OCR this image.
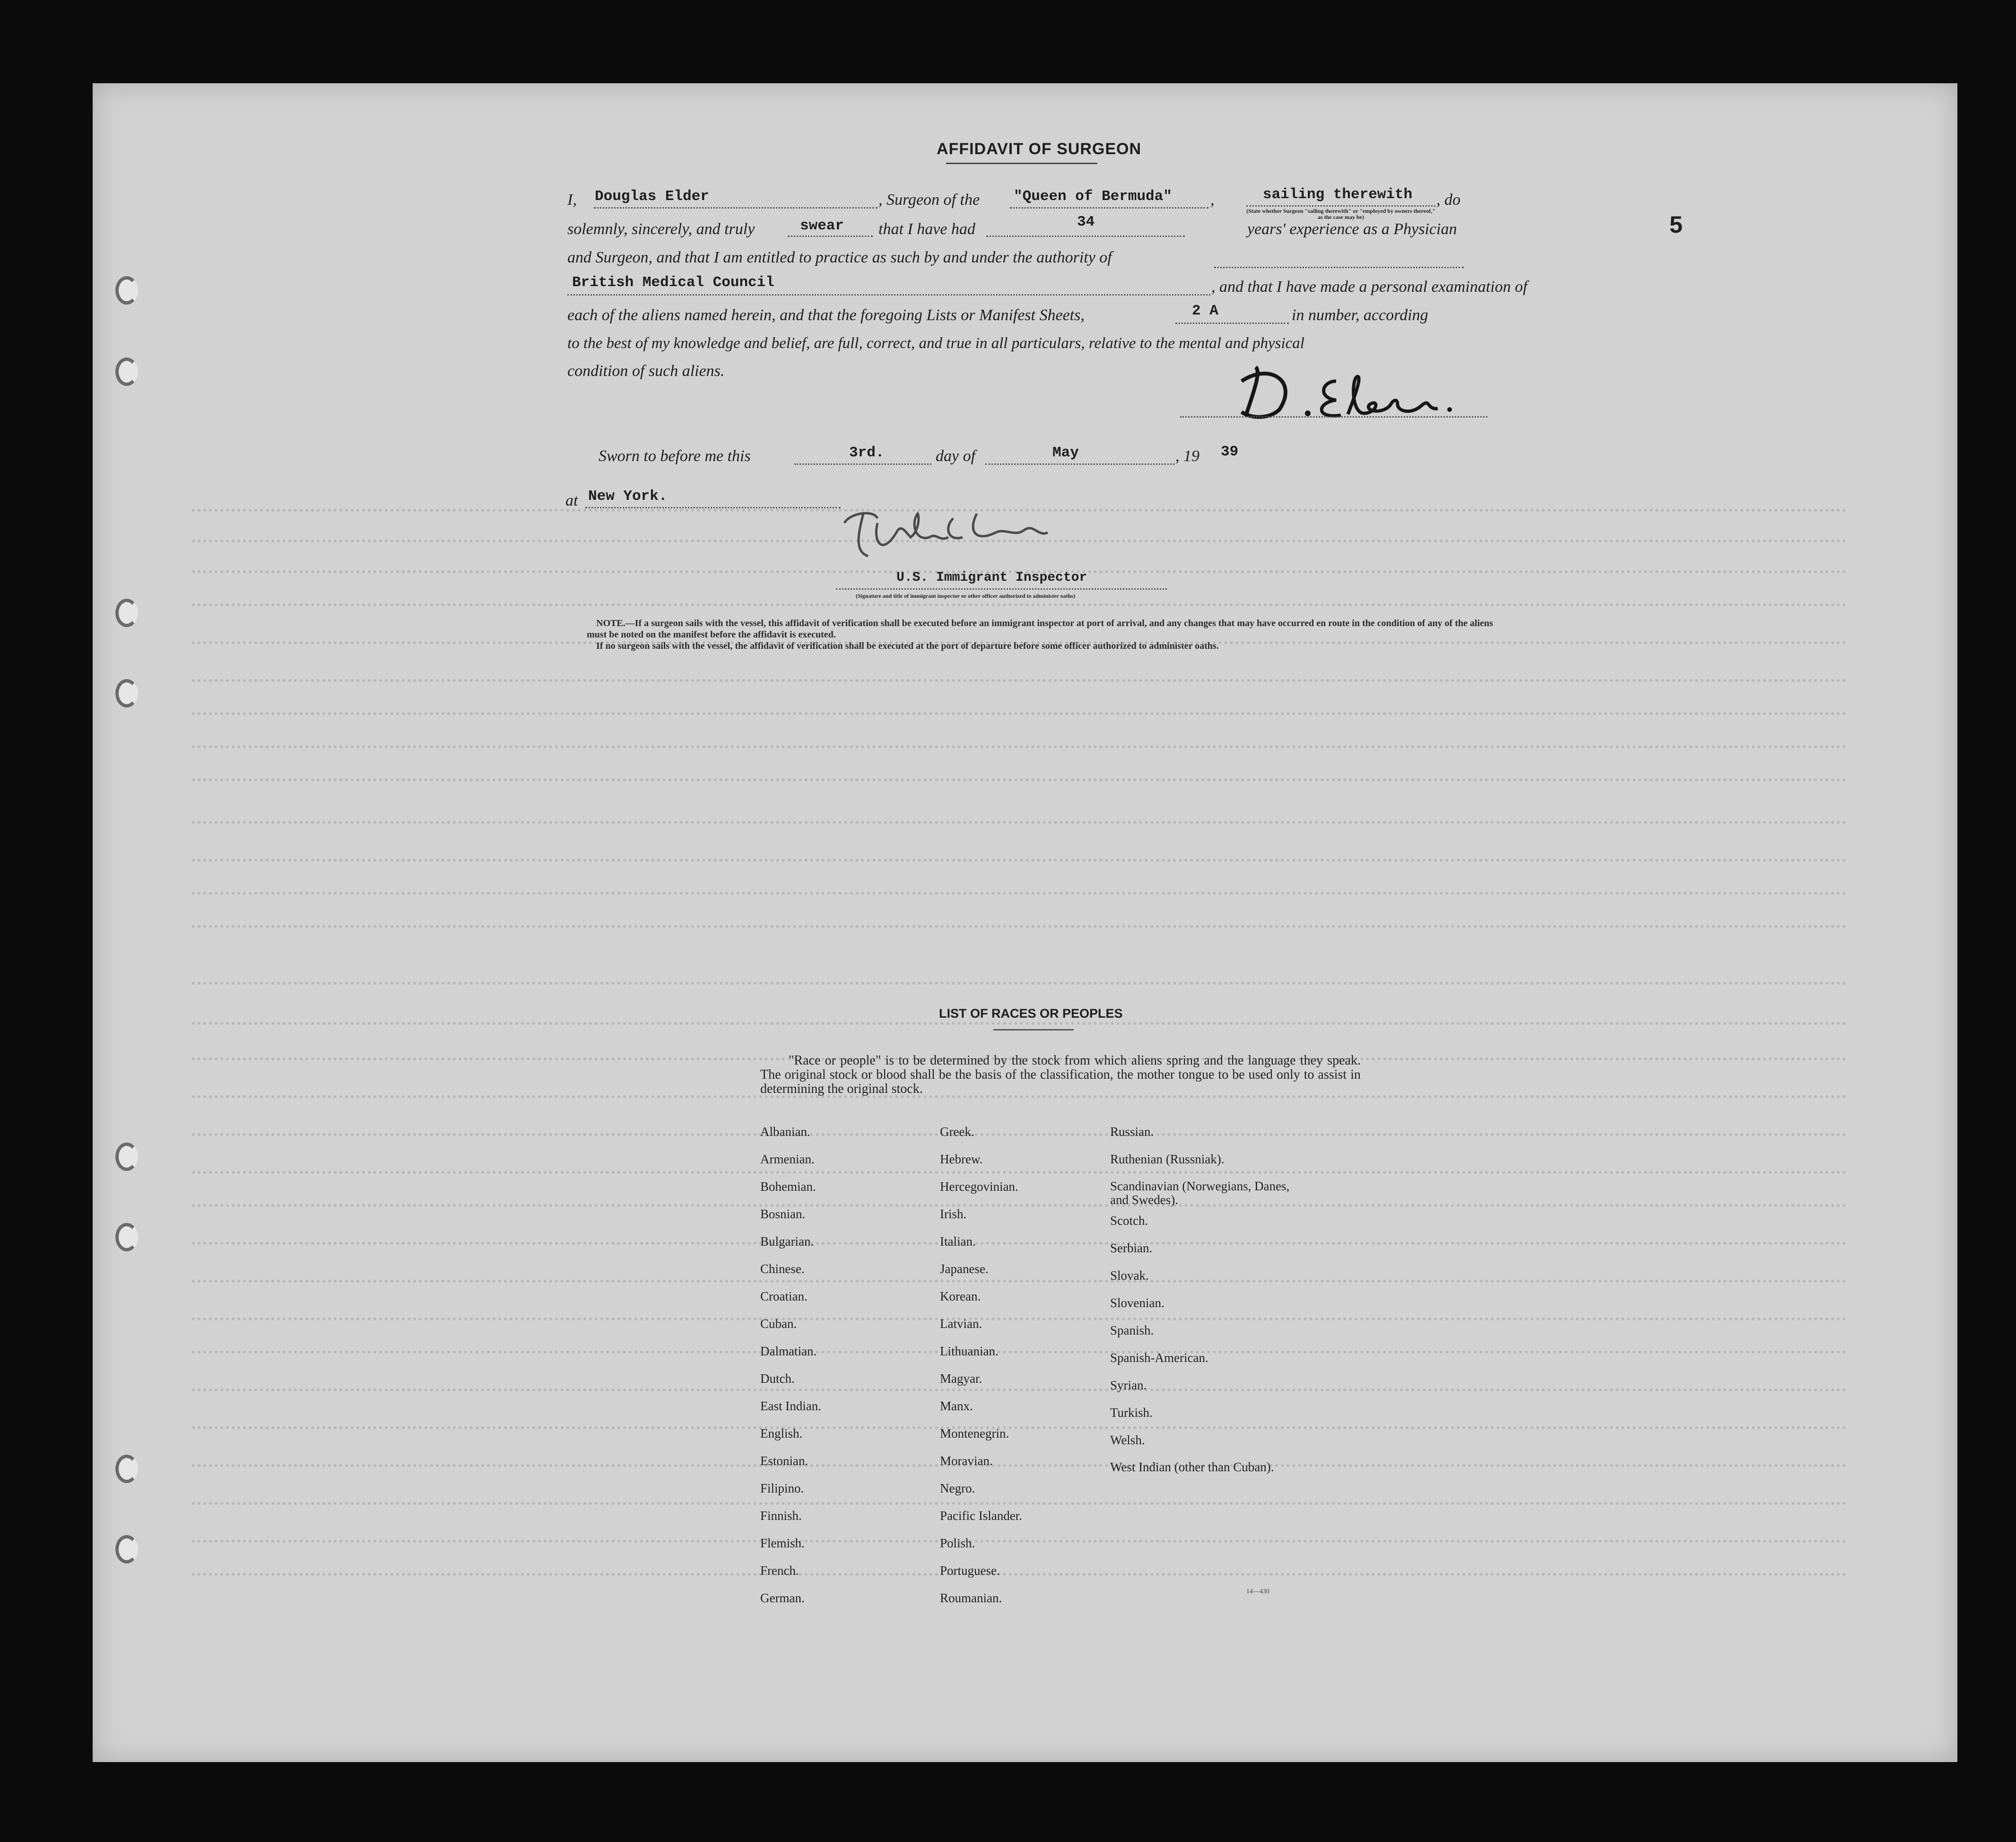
AFFIDAVIT OF SURGEON
5
I, Douglas Elder	, Surgeon of the "Queen of Bermuda" ,	sailing therewith , do
(State whether Surgeon "sailing therewith" or "employed by owners thereof," as the case may be)
solemnly, sincerely, and truly	swear that I have had	34	years' experience as a Physician
and Surgeon, and that I am entitled to practice as such by and under the authority of
British Medical Council	, and that I have made a personal examination of
each of the aliens named herein, and that the foregoing Lists or Manifest Sheets,	2 A	in number, according
to the best of my knowledge and belief, are full, correct, and true in all particulars, relative to the mental and physical
condition of such aliens.
D. Elder.
Sworn to before me this	3rd.	day of	May	, 19 39
at New York.	Herbert J. Conly
U.S. Immigrant Inspector
(Signature and title of immigrant inspector or other officer authorized to administer oaths)
NOTE.—If a surgeon sails with the vessel, this affidavit of verification shall be executed before an immigrant inspector at port of arrival, and any changes that may have occurred en route in the condition of any of the aliens must be noted on the manifest before the affidavit is executed.
If no surgeon sails with the vessel, the affidavit of verification shall be executed at the port of departure before some officer authorized to administer oaths.
LIST OF RACES OR PEOPLES
"Race or people" is to be determined by the stock from which aliens spring and the language they speak. The original stock or blood shall be the basis of the classification, the mother tongue to be used only to assist in determining the original stock.
Albanian.
Armenian.
Bohemian.
Bosnian.
Bulgarian.
Chinese.
Croatian.
Cuban.
Dalmatian.
Dutch.
East Indian.
English.
Estonian.
Filipino.
Finnish.
Flemish.
French.
German.
Greek.
Hebrew.
Hercegovinian.
Irish.
Italian.
Japanese.
Korean.
Latvian.
Lithuanian.
Magyar.
Manx.
Montenegrin.
Moravian.
Negro.
Pacific Islander.
Polish.
Portuguese.
Roumanian.
Russian.
Ruthenian (Russniak).
Scandinavian (Norwegians, Danes, and Swedes).
Scotch.
Serbian.
Slovak.
Slovenian.
Spanish.
Spanish-American.
Syrian.
Turkish.
Welsh.
West Indian (other than Cuban).
14—430
